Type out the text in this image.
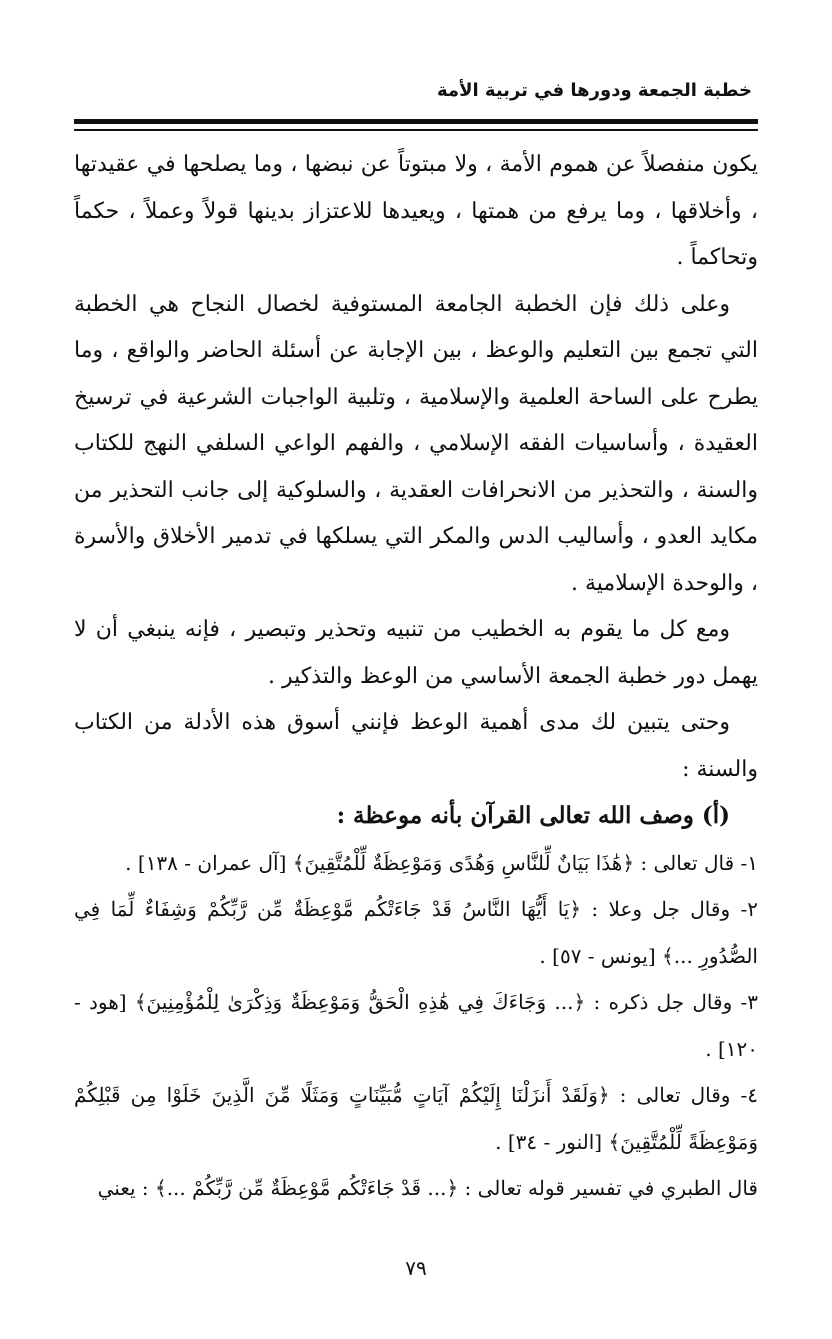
خطبة الجمعة ودورها في تربية الأمة

يكون منفصلاً عن هموم الأمة ، ولا مبتوتاً عن نبضها ، وما يصلحها في عقيدتها ، وأخلاقها ، وما يرفع من همتها ، ويعيدها للاعتزاز بدينها قولاً وعملاً ، حكماً وتحاكماً .

وعلى ذلك فإن الخطبة الجامعة المستوفية لخصال النجاح هي الخطبة التي تجمع بين التعليم والوعظ ، بين الإجابة عن أسئلة الحاضر والواقع ، وما يطرح على الساحة العلمية والإسلامية ، وتلبية الواجبات الشرعية في ترسيخ العقيدة ، وأساسيات الفقه الإسلامي ، والفهم الواعي السلفي النهج للكتاب والسنة ، والتحذير من الانحرافات العقدية ، والسلوكية إلى جانب التحذير من مكايد العدو ، وأساليب الدس والمكر التي يسلكها في تدمير الأخلاق والأسرة ، والوحدة الإسلامية .

ومع كل ما يقوم به الخطيب من تنبيه وتحذير وتبصير ، فإنه ينبغي أن لا يهمل دور خطبة الجمعة الأساسي من الوعظ والتذكير .

وحتى يتبين لك مدى أهمية الوعظ فإنني أسوق هذه الأدلة من الكتاب والسنة :

(أ) وصف الله تعالى القرآن بأنه موعظة :

١- قال تعالى : ﴿هَٰذَا بَيَانٌ لِّلنَّاسِ وَهُدًى وَمَوْعِظَةٌ لِّلْمُتَّقِينَ﴾ [آل عمران - ١٣٨] .

٢- وقال جل وعلا : ﴿يَا أَيُّهَا النَّاسُ قَدْ جَاءَتْكُم مَّوْعِظَةٌ مِّن رَّبِّكُمْ وَشِفَاءٌ لِّمَا فِي الصُّدُورِ ...﴾ [يونس - ٥٧] .

٣- وقال جل ذكره : ﴿... وَجَاءَكَ فِي هَٰذِهِ الْحَقُّ وَمَوْعِظَةٌ وَذِكْرَىٰ لِلْمُؤْمِنِينَ﴾ [هود - ١٢٠] .

٤- وقال تعالى : ﴿وَلَقَدْ أَنزَلْنَا إِلَيْكُمْ آيَاتٍ مُّبَيِّنَاتٍ وَمَثَلًا مِّنَ الَّذِينَ خَلَوْا مِن قَبْلِكُمْ وَمَوْعِظَةً لِّلْمُتَّقِينَ﴾ [النور - ٣٤] .

قال الطبري في تفسير قوله تعالى : ﴿... قَدْ جَاءَتْكُم مَّوْعِظَةٌ مِّن رَّبِّكُمْ ...﴾ : يعني

٧٩
